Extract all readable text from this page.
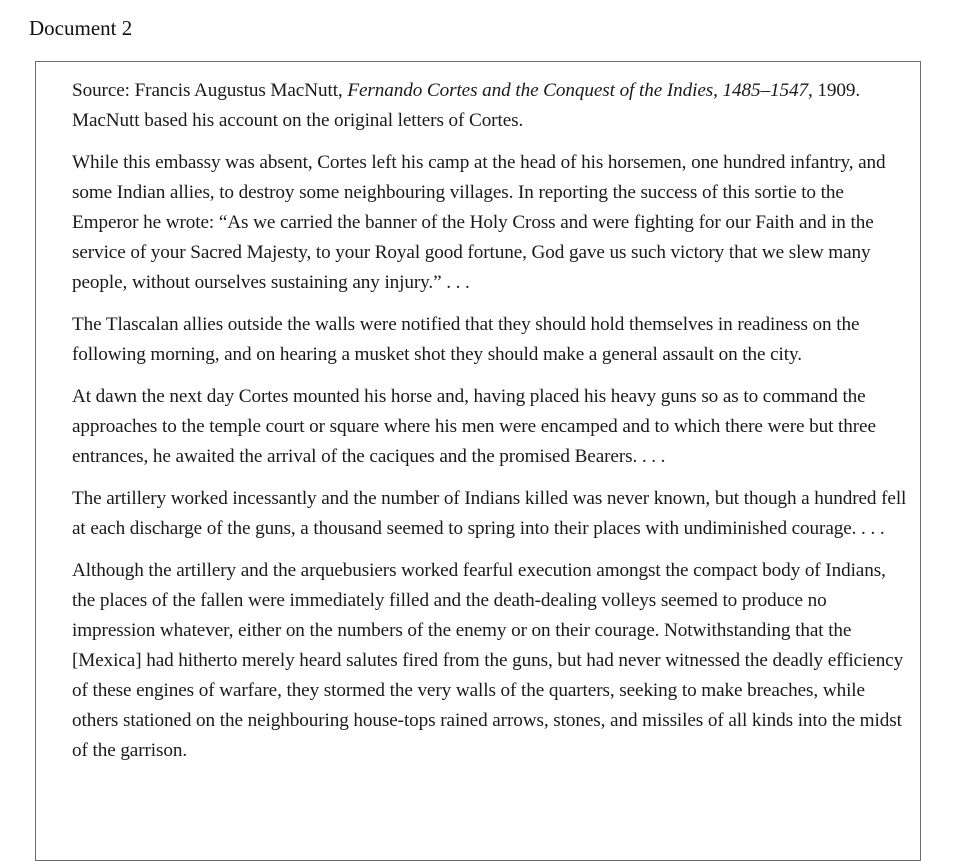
Document 2

Source: Francis Augustus MacNutt, Fernando Cortes and the Conquest of the Indies, 1485–1547, 1909. MacNutt based his account on the original letters of Cortes.

While this embassy was absent, Cortes left his camp at the head of his horsemen, one hundred infantry, and some Indian allies, to destroy some neighbouring villages. In reporting the success of this sortie to the Emperor he wrote: “As we carried the banner of the Holy Cross and were fighting for our Faith and in the service of your Sacred Majesty, to your Royal good fortune, God gave us such victory that we slew many people, without ourselves sustaining any injury.” . . .

The Tlascalan allies outside the walls were notified that they should hold themselves in readiness on the following morning, and on hearing a musket shot they should make a general assault on the city.

At dawn the next day Cortes mounted his horse and, having placed his heavy guns so as to command the approaches to the temple court or square where his men were encamped and to which there were but three entrances, he awaited the arrival of the caciques and the promised Bearers. . . .

The artillery worked incessantly and the number of Indians killed was never known, but though a hundred fell at each discharge of the guns, a thousand seemed to spring into their places with undiminished courage. . . .

Although the artillery and the arquebusiers worked fearful execution amongst the compact body of Indians, the places of the fallen were immediately filled and the death-dealing volleys seemed to produce no impression whatever, either on the numbers of the enemy or on their courage. Notwithstanding that the [Mexica] had hitherto merely heard salutes fired from the guns, but had never witnessed the deadly efficiency of these engines of warfare, they stormed the very walls of the quarters, seeking to make breaches, while others stationed on the neighbouring house-tops rained arrows, stones, and missiles of all kinds into the midst of the garrison.
